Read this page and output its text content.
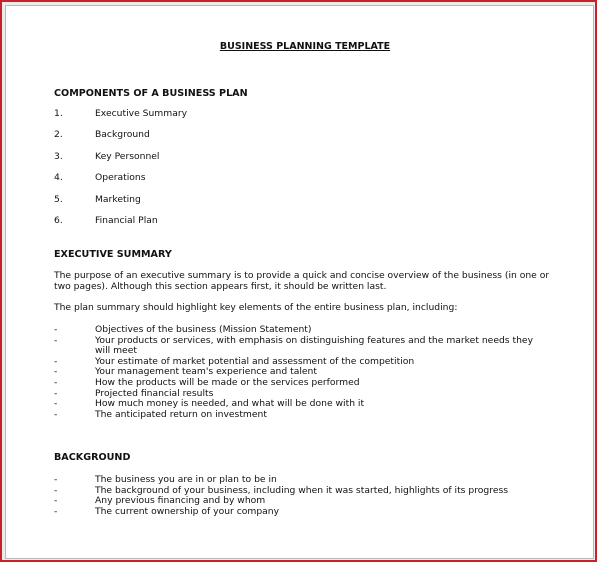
BUSINESS PLANNING TEMPLATE
COMPONENTS OF A BUSINESS PLAN
1.	Executive Summary
2.	Background
3.	Key Personnel
4.	Operations
5.	Marketing
6.	Financial Plan
EXECUTIVE SUMMARY

The purpose of an executive summary is to provide a quick and concise overview of the business (in one or two pages). Although this section appears first, it should be written last.

The plan summary should highlight key elements of the entire business plan, including:

-	Objectives of the business (Mission Statement)
-	Your products or services, with emphasis on distinguishing features and the market needs they will meet
-	Your estimate of market potential and assessment of the competition
-	Your management team's experience and talent
-	How the products will be made or the services performed
-	Projected financial results
-	How much money is needed, and what will be done with it
-	The anticipated return on investment
BACKGROUND
-	The business you are in or plan to be in
-	The background of your business, including when it was started, highlights of its progress
-	Any previous financing and by whom
-	The current ownership of your company
